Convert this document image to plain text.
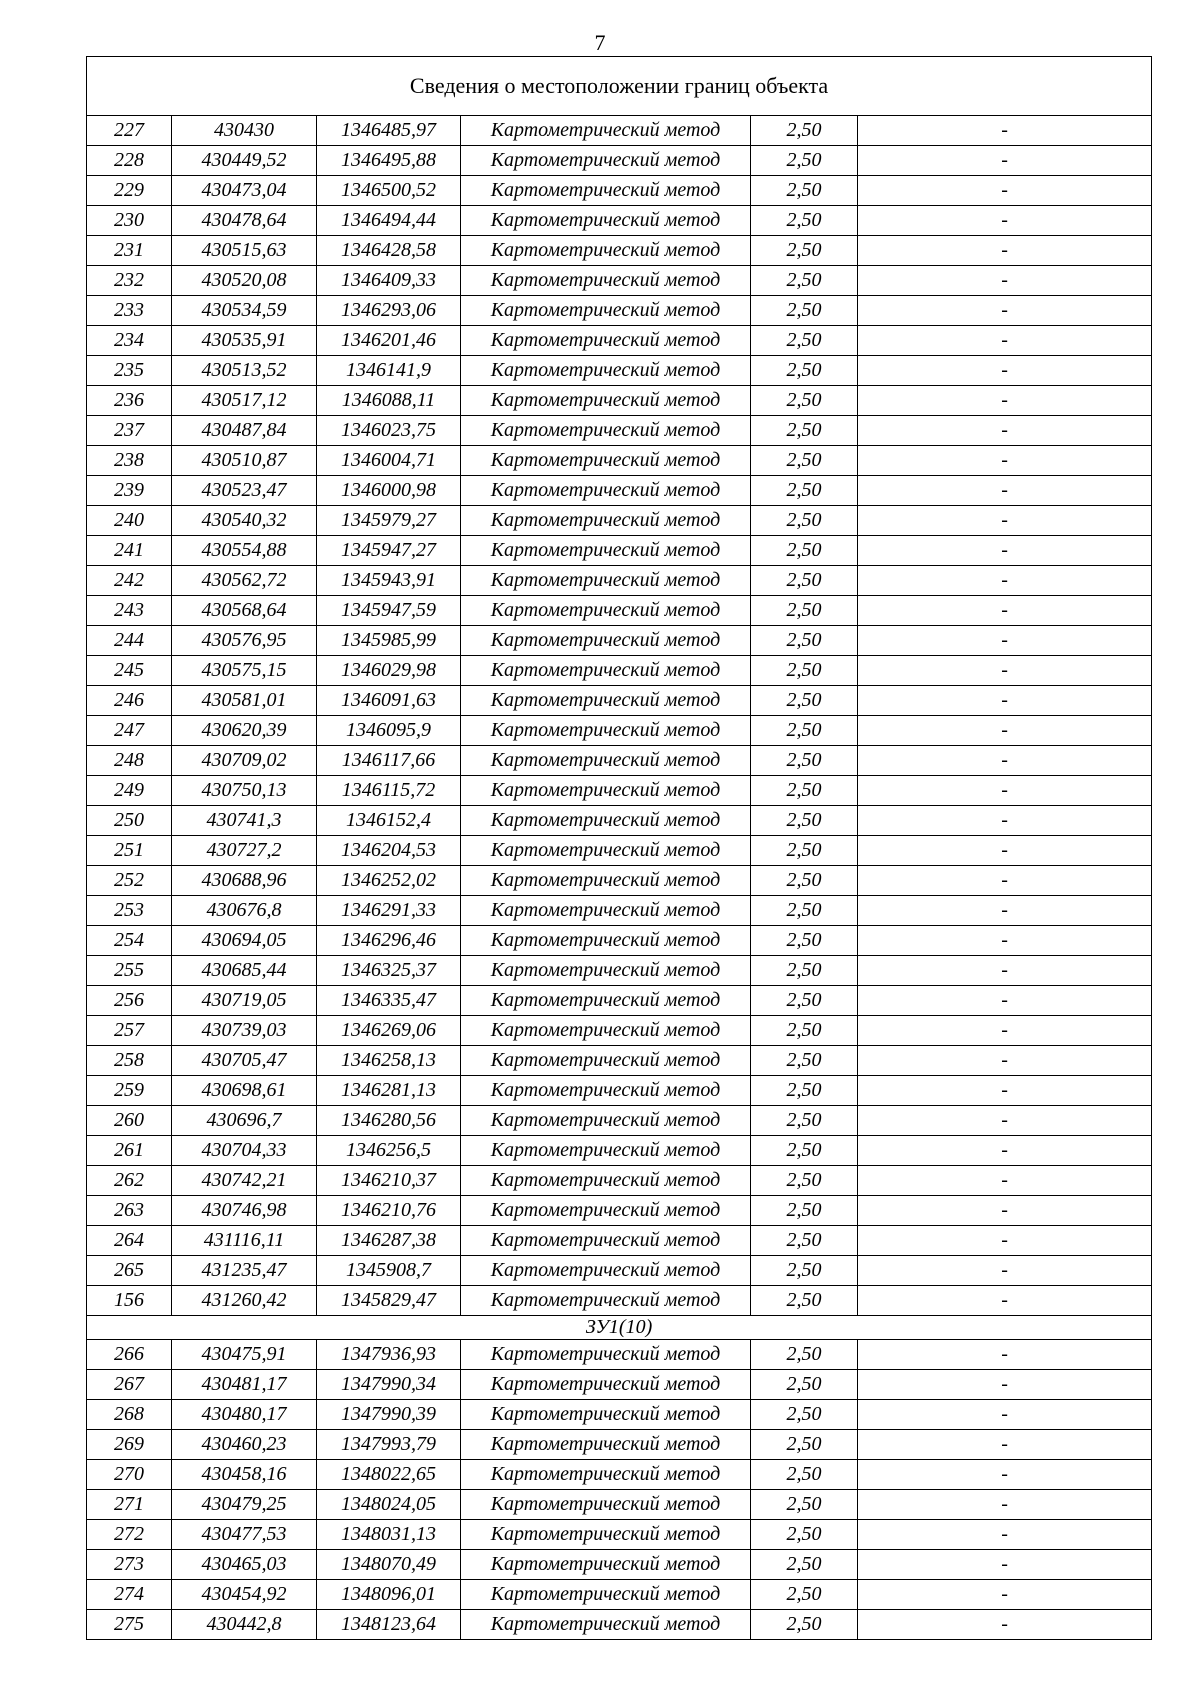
7
Сведения о местоположении границ объекта					
227	430430	1346485,97	Картометрический метод	2,50	-
228	430449,52	1346495,88	Картометрический метод	2,50	-
229	430473,04	1346500,52	Картометрический метод	2,50	-
230	430478,64	1346494,44	Картометрический метод	2,50	-
231	430515,63	1346428,58	Картометрический метод	2,50	-
232	430520,08	1346409,33	Картометрический метод	2,50	-
233	430534,59	1346293,06	Картометрический метод	2,50	-
234	430535,91	1346201,46	Картометрический метод	2,50	-
235	430513,52	1346141,9	Картометрический метод	2,50	-
236	430517,12	1346088,11	Картометрический метод	2,50	-
237	430487,84	1346023,75	Картометрический метод	2,50	-
238	430510,87	1346004,71	Картометрический метод	2,50	-
239	430523,47	1346000,98	Картометрический метод	2,50	-
240	430540,32	1345979,27	Картометрический метод	2,50	-
241	430554,88	1345947,27	Картометрический метод	2,50	-
242	430562,72	1345943,91	Картометрический метод	2,50	-
243	430568,64	1345947,59	Картометрический метод	2,50	-
244	430576,95	1345985,99	Картометрический метод	2,50	-
245	430575,15	1346029,98	Картометрический метод	2,50	-
246	430581,01	1346091,63	Картометрический метод	2,50	-
247	430620,39	1346095,9	Картометрический метод	2,50	-
248	430709,02	1346117,66	Картометрический метод	2,50	-
249	430750,13	1346115,72	Картометрический метод	2,50	-
250	430741,3	1346152,4	Картометрический метод	2,50	-
251	430727,2	1346204,53	Картометрический метод	2,50	-
252	430688,96	1346252,02	Картометрический метод	2,50	-
253	430676,8	1346291,33	Картометрический метод	2,50	-
254	430694,05	1346296,46	Картометрический метод	2,50	-
255	430685,44	1346325,37	Картометрический метод	2,50	-
256	430719,05	1346335,47	Картометрический метод	2,50	-
257	430739,03	1346269,06	Картометрический метод	2,50	-
258	430705,47	1346258,13	Картометрический метод	2,50	-
259	430698,61	1346281,13	Картометрический метод	2,50	-
260	430696,7	1346280,56	Картометрический метод	2,50	-
261	430704,33	1346256,5	Картометрический метод	2,50	-
262	430742,21	1346210,37	Картометрический метод	2,50	-
263	430746,98	1346210,76	Картометрический метод	2,50	-
264	431116,11	1346287,38	Картометрический метод	2,50	-
265	431235,47	1345908,7	Картометрический метод	2,50	-
156	431260,42	1345829,47	Картометрический метод	2,50	-
ЗУ1(10)					
266	430475,91	1347936,93	Картометрический метод	2,50	-
267	430481,17	1347990,34	Картометрический метод	2,50	-
268	430480,17	1347990,39	Картометрический метод	2,50	-
269	430460,23	1347993,79	Картометрический метод	2,50	-
270	430458,16	1348022,65	Картометрический метод	2,50	-
271	430479,25	1348024,05	Картометрический метод	2,50	-
272	430477,53	1348031,13	Картометрический метод	2,50	-
273	430465,03	1348070,49	Картометрический метод	2,50	-
274	430454,92	1348096,01	Картометрический метод	2,50	-
275	430442,8	1348123,64	Картометрический метод	2,50	-
